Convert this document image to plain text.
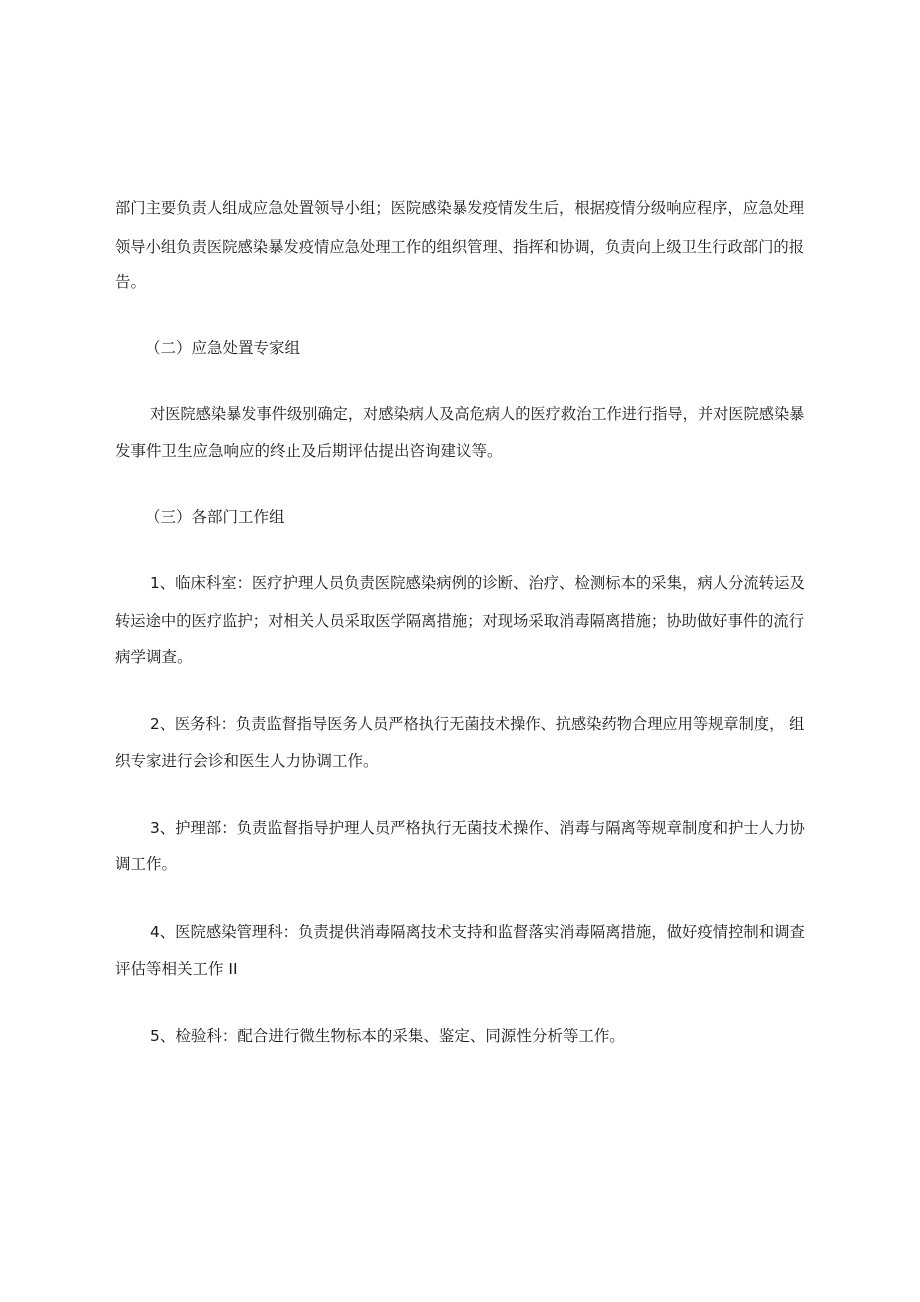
部门主要负责人组成应急处置领导小组；医院感染暴发疫情发生后，根据疫情分级响应程序，应急处理
领导小组负责医院感染暴发疫情应急处理工作的组织管理、指挥和协调，负责向上级卫生行政部门的报
告。
（二）应急处置专家组
对医院感染暴发事件级别确定，对感染病人及高危病人的医疗救治工作进行指导，并对医院感染暴
发事件卫生应急响应的终止及后期评估提出咨询建议等。
（三）各部门工作组
1、临床科室：医疗护理人员负责医院感染病例的诊断、治疗、检测标本的采集，病人分流转运及
转运途中的医疗监护；对相关人员采取医学隔离措施；对现场采取消毒隔离措施；协助做好事件的流行
病学调查。
2、医务科：负责监督指导医务人员严格执行无菌技术操作、抗感染药物合理应用等规章制度， 组
织专家进行会诊和医生人力协调工作。
3、护理部：负责监督指导护理人员严格执行无菌技术操作、消毒与隔离等规章制度和护士人力协
调工作。
4、医院感染管理科：负责提供消毒隔离技术支持和监督落实消毒隔离措施，做好疫情控制和调查
评估等相关工作 II
5、检验科：配合进行微生物标本的采集、鉴定、同源性分析等工作。
